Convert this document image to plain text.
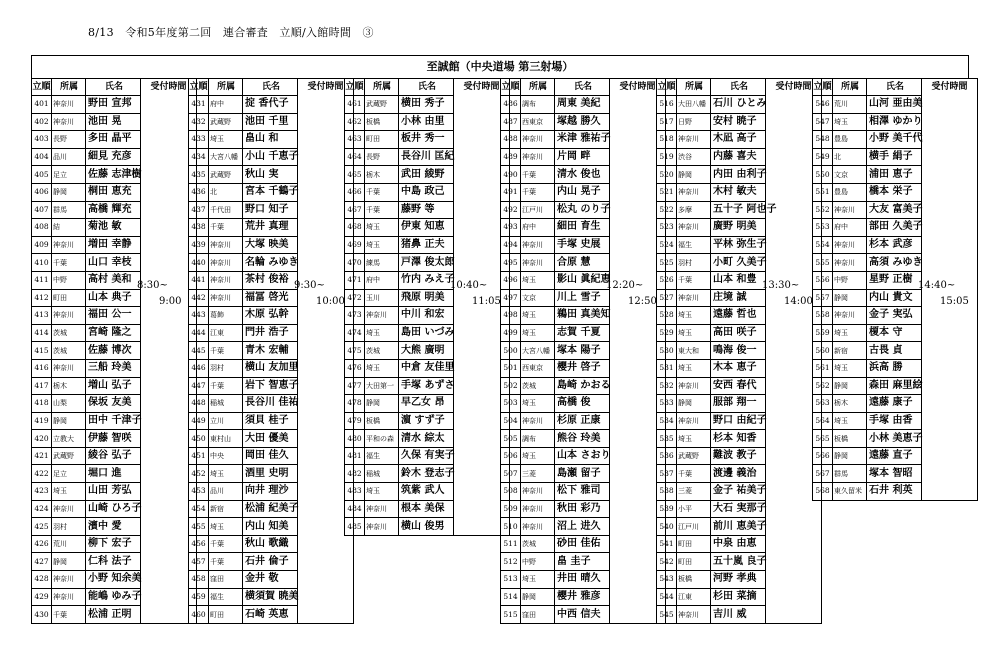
8/13　令和5年度第二回　連合審査　立順/入館時間　③
至誠館（中央道場 第三射場）
立順	所属	氏名	受付時間
401	神奈川	野田 宣邦	
402	神奈川	池田 晃	
403	長野	多田 晶平	
404	品川	細見 充彦	
405	足立	佐藤 志津樹	
406	静岡	桐田 恵充	
407	群馬	高橋 輝充	
408	結	菊池 敏	
409	神奈川	増田 幸静	
410	千葉	山口 幸枝	
411	中野	高村 美和	
412	町田	山本 典子	
413	神奈川	福田 公一	
414	茨城	宮崎 隆之	
415	茨城	佐藤 博次	
416	神奈川	三船 玲美	
417	栃木	増山 弘子	
418	山梨	保坂 友美	
419	静岡	田中 千津子	
420	立教大	伊藤 智咲	
421	武蔵野	綾谷 弘子	
422	足立	堀口 進	
423	埼玉	山田 芳弘	
424	神奈川	山崎 ひろ子	
425	羽村	濱中 愛	
426	荒川	柳下 宏子	
427	静岡	仁科 法子	
428	神奈川	小野 知余美	
429	神奈川	能嶋 ゆみ子	
430	千葉	松浦 正明	
立順	所属	氏名	受付時間
431	府中	掟 香代子	
432	武蔵野	池田 千里	
433	埼玉	畠山 和	
434	大宮八幡	小山 千恵子	
435	武蔵野	秋山 実	
436	北	宮本 千鶴子	
437	千代田	野口 知子	
438	千葉	荒井 真理	
439	神奈川	大塚 映美	
440	神奈川	名輪 みゆき	
441	神奈川	茶村 俊裕	
442	神奈川	福冨 啓光	
443	葛飾	木原 弘幹	
444	江東	門井 浩子	
445	千葉	青木 宏輔	
446	羽村	横山 友加里	
447	千葉	岩下 智恵子	
448	稲城	長谷川 佳祐	
449	立川	須貝 桂子	
450	東村山	大田 優美	
451	中央	岡田 佳久	
452	埼玉	酒里 史明	
453	品川	向井 理沙	
454	新宿	松浦 紀美子	
455	埼玉	内山 知美	
456	千葉	秋山 歌織	
457	千葉	石井 倫子	
458	窪田	金井 敬	
459	福生	横須賀 暁美	
460	町田	石崎 英恵	
立順	所属	氏名	受付時間
461	武蔵野	横田 秀子	
462	板橋	小林 由里	
463	町田	板井 秀一	
464	長野	長谷川 匡紀	
465	栃木	武田 綾野	
466	千葉	中島 政己	
467	千葉	藤野 等	
468	埼玉	伊東 知恵	
469	埼玉	猪鼻 正夫	
470	練馬	戸澤 俊太郎	
471	府中	竹内 みえ子	
472	玉川	飛原 明美	
473	神奈川	中川 和宏	
474	埼玉	島田 いづみ	
475	茨城	大熊 廣明	
476	埼玉	中倉 友佳里	
477	大田第一	手塚 あずさ	
478	静岡	早乙女 昂	
479	板橋	濵 すず子	
480	平和の森	清水 綜太	
481	福生	久保 有実子	
482	稲城	鈴木 登志子	
483	埼玉	筑紫 武人	
484	神奈川	根本 美保	
485	神奈川	横山 俊男	
立順	所属	氏名	受付時間
486	調布	周東 美紀	
487	西東京	塚越 勝久	
488	神奈川	米津 雅祐子	
489	神奈川	片岡 畔	
490	千葉	清水 俊也	
491	千葉	内山 晃子	
492	江戸川	松丸 のり子	
493	府中	細田 育生	
494	神奈川	手塚 史展	
495	神奈川	合原 慧	
496	埼玉	影山 眞紀恵	
497	文京	川上 雪子	
498	埼玉	鵜田 真美知	
499	埼玉	志賀 千夏	
500	大宮八幡	塚本 陽子	
501	西東京	櫻井 啓子	
502	茨城	島崎 かおる	
503	埼玉	高橋 俊	
504	神奈川	杉原 正康	
505	調布	熊谷 玲美	
506	埼玉	山本 さおり	
507	三菱	島瀬 留子	
508	神奈川	松下 雅司	
509	神奈川	秋田 彩乃	
510	神奈川	沼上 进久	
511	茨城	砂田 佳佑	
512	中野	畠 圭子	
513	埼玉	井田 晴久	
514	静岡	櫻井 雅彦	
515	窪田	中西 信夫	
立順	所属	氏名	受付時間
516	大田八幡	石川 ひとみ	
517	日野	安村 暁子	
518	神奈川	木凪 高子	
519	渋谷	内藤 喜夫	
520	静岡	内田 由利子	
521	神奈川	木村 敏夫	
522	多摩	五十子 阿也子	
523	神奈川	廣野 明美	
524	福生	平林 弥生子	
525	羽村	小町 久美子	
526	千葉	山本 和豊	
527	神奈川	庄境 誠	
528	埼玉	遠藤 哲也	
529	埼玉	高田 咲子	
530	東大和	鳴海 俊一	
531	埼玉	木本 恵子	
532	神奈川	安西 春代	
533	静岡	服部 翔一	
534	神奈川	野口 由紀子	
535	埼玉	杉本 知香	
536	武蔵野	難波 教子	
537	千葉	渡邊 義治	
538	三菱	金子 祐美子	
539	小平	大石 実那子	
540	江戸川	前川 恵美子	
541	町田	中泉 由恵	
542	町田	五十嵐 良子	
543	板橋	河野 孝典	
544	江東	杉田 菜摘	
545	神奈川	吉川 威	
立順	所属	氏名	受付時間
546	荒川	山河 亜由美	
547	埼玉	相澤 ゆかり	
548	豊島	小野 美千代	
549	北	横手 絹子	
550	文京	浦田 恵子	
551	豊島	橋本 栄子	
552	神奈川	大友 富美子	
553	府中	部田 久美子	
554	神奈川	杉本 武彦	
555	神奈川	高須 みゆき	
556	中野	星野 正樹	
557	静岡	内山 貴文	
558	神奈川	金子 実弘	
559	埼玉	榎本 守	
560	新宿	古畏 貞	
561	埼玉	浜高 勝	
562	静岡	森田 麻里絵	
563	栃木	遠藤 康子	
564	埼玉	手塚 由香	
565	板橋	小林 美恵子	
566	静岡	遠藤 直子	
567	群馬	塚本 智昭	
568	東久留米	石井 利英	
8:30~
9:00
9:30~
10:00
10:40~
11:05
12:20~
12:50
13:30~
14:00
14:40~
15:05
